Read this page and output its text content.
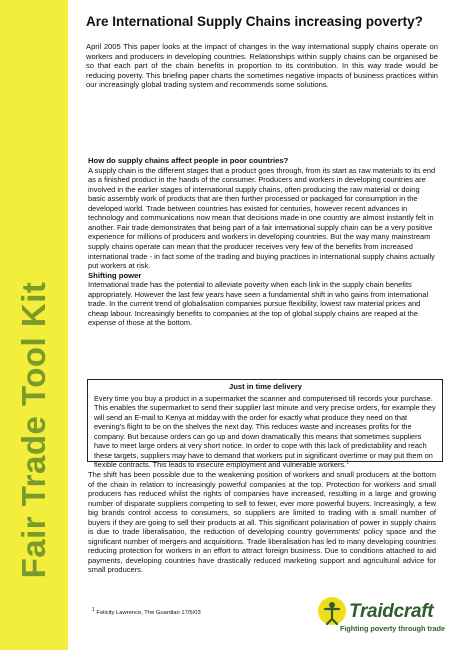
Fair Trade Tool Kit
Are International Supply Chains increasing poverty?

April 2005 This paper looks at the impact of changes in the way international supply chains operate on workers and producers in developing countries. Relationships within supply chains can be organised be so that each part of the chain benefits in proportion to its contribution. In this way trade would be reducing poverty. This briefing paper charts the sometimes negative impacts of business practices within our increasingly global trading system and recommends some solutions.

How do supply chains affect people in poor countries?

A supply chain is the different stages that a product goes through, from its start as raw materials to its end as a finished product in the hands of the consumer. Producers and workers in developing countries are involved in the earlier stages of international supply chains, often producing the raw material or doing basic assembly work of products that are then further processed or packaged for consumption in the developed world. Trade between countries has existed for centuries, however recent advances in technology and communications now mean that decisions made in one country are almost instantly felt in another. Fair trade demonstrates that being part of a fair international supply chain can be a very positive experience for millions of producers and workers in developing countries. But the way many mainstream supply chains operate can mean that the producer receives very few of the benefits from increased international trade - in fact some of the trading and buying practices in international supply chains actually put workers at risk.

Shifting power

International trade has the potential to alleviate poverty when each link in the supply chain benefits appropriately. However the last few years have seen a fundamental shift in who gains from international trade. In the current trend of globalisation companies pursue flexibility, lowest raw material prices and cheap labour. Increasingly benefits to companies at the top of global supply chains are reaped at the expense of those at the bottom.

Just in time delivery

Every time you buy a product in a supermarket the scanner and computerised till records your purchase. This enables the supermarket to send their supplier last minute and very precise orders, for example they will send an E-mail to Kenya at midday with the order for exactly what produce they need on that evening’s flight to be on the shelves the next day. This reduces waste and increases profits for the company. But because orders can go up and down dramatically this means that sometimes suppliers have to meet large orders at very short notice. In order to cope with this lack of predictability and reach these targets, suppliers may have to demand that workers put in significant overtime or may put them on flexible contracts. This leads to insecure employment and vulnerable workers.$^1$

The shift has been possible due to the weakening position of workers and small producers at the bottom of the chain in relation to increasingly powerful companies at the top. Protection for workers and small producers has reduced whilst the rights of companies have increased, resulting in a large and growing number of disparate suppliers competing to sell to fewer, ever more powerful buyers. Increasingly, a few big brands control access to consumers, so suppliers are limited to trading with a small number of buyers if they are going to sell their products at all. This significant polarisation of power in supply chains is due to trade liberalisation, the reduction of developing country governments’ policy space and the significant number of mergers and acquisitions. Trade liberalisation has led to many developing countries reducing protection for workers in an effort to attract foreign business. Due to conditions attached to aid payments, developing countries have drastically reduced marketing support and agricultural advice for small producers.

$^1$ Felicity Lawrence, The Guardian 17/5/03	Traidcraft
Fighting poverty through trade
